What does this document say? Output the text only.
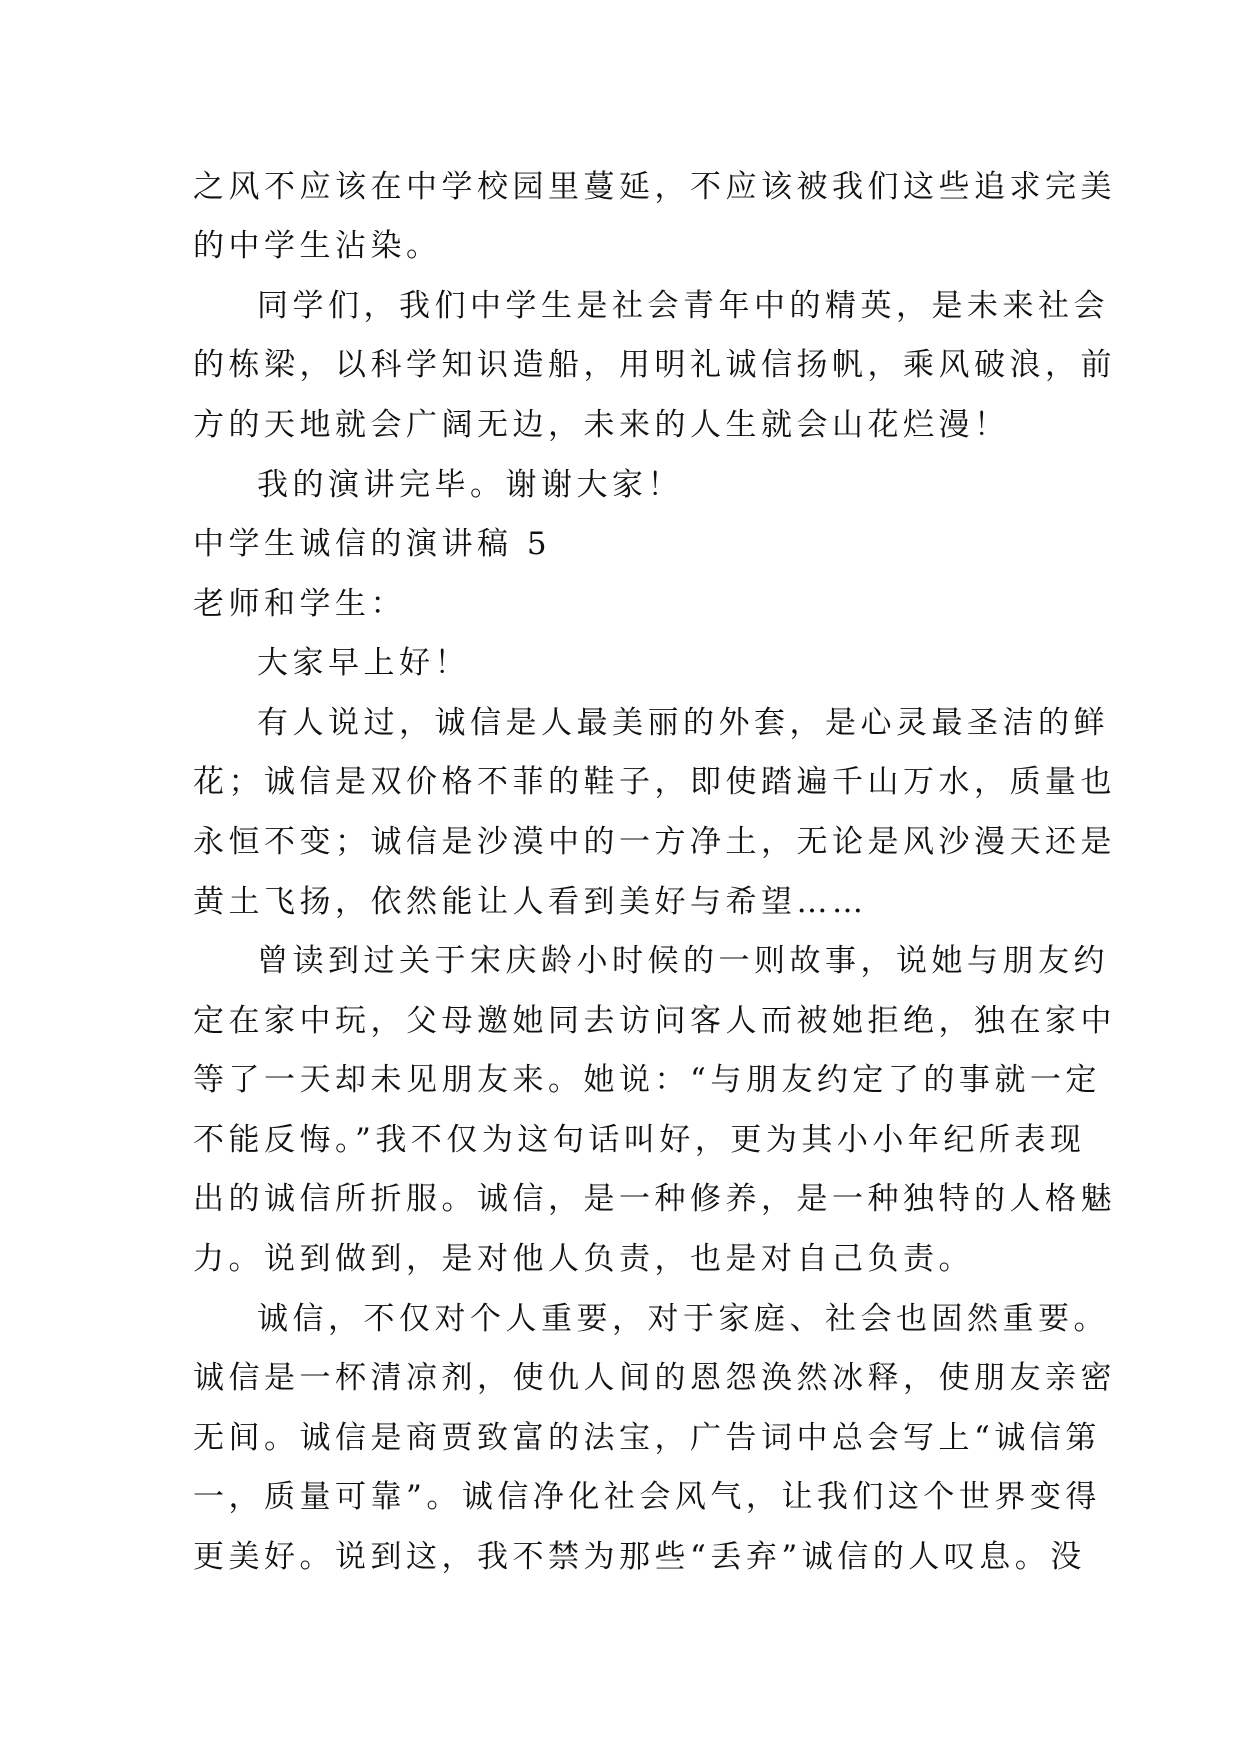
之风不应该在中学校园里蔓延，不应该被我们这些追求完美
的中学生沾染。
同学们，我们中学生是社会青年中的精英，是未来社会
的栋梁，以科学知识造船，用明礼诚信扬帆，乘风破浪，前
方的天地就会广阔无边，未来的人生就会山花烂漫！
我的演讲完毕。谢谢大家！
中学生诚信的演讲稿 5
老师和学生：
大家早上好！
有人说过，诚信是人最美丽的外套，是心灵最圣洁的鲜
花；诚信是双价格不菲的鞋子，即使踏遍千山万水，质量也
永恒不变；诚信是沙漠中的一方净土，无论是风沙漫天还是
黄土飞扬，依然能让人看到美好与希望……
曾读到过关于宋庆龄小时候的一则故事，说她与朋友约
定在家中玩，父母邀她同去访问客人而被她拒绝，独在家中
等了一天却未见朋友来。她说：“与朋友约定了的事就一定
不能反悔。”我不仅为这句话叫好，更为其小小年纪所表现
出的诚信所折服。诚信，是一种修养，是一种独特的人格魅
力。说到做到，是对他人负责，也是对自己负责。
诚信，不仅对个人重要，对于家庭、社会也固然重要。
诚信是一杯清凉剂，使仇人间的恩怨涣然冰释，使朋友亲密
无间。诚信是商贾致富的法宝，广告词中总会写上“诚信第
一，质量可靠”。诚信净化社会风气，让我们这个世界变得
更美好。说到这，我不禁为那些“丢弃”诚信的人叹息。没
